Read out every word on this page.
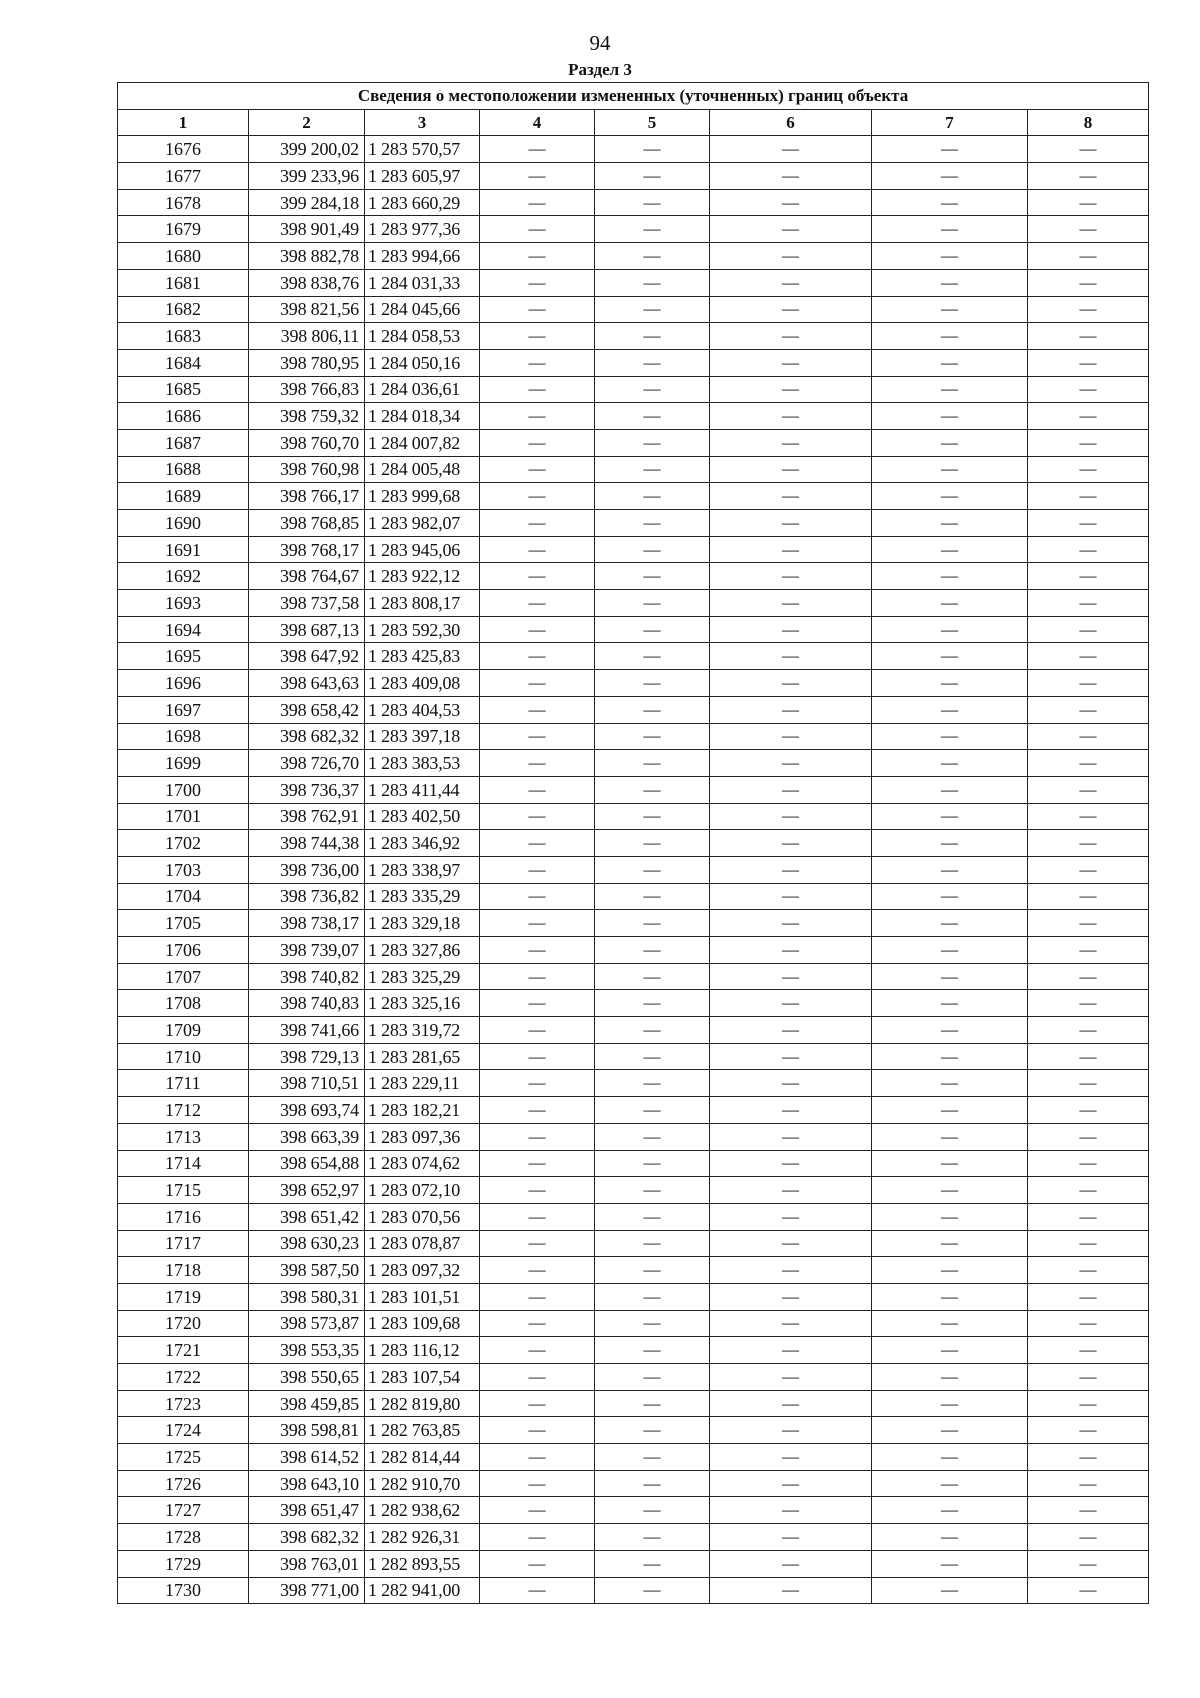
94
Раздел 3
Сведения о местоположении измененных (уточненных) границ объекта							
1	2	3	4	5	6	7	8
1676	399 200,02	1 283 570,57	—	—	—	—	—
1677	399 233,96	1 283 605,97	—	—	—	—	—
1678	399 284,18	1 283 660,29	—	—	—	—	—
1679	398 901,49	1 283 977,36	—	—	—	—	—
1680	398 882,78	1 283 994,66	—	—	—	—	—
1681	398 838,76	1 284 031,33	—	—	—	—	—
1682	398 821,56	1 284 045,66	—	—	—	—	—
1683	398 806,11	1 284 058,53	—	—	—	—	—
1684	398 780,95	1 284 050,16	—	—	—	—	—
1685	398 766,83	1 284 036,61	—	—	—	—	—
1686	398 759,32	1 284 018,34	—	—	—	—	—
1687	398 760,70	1 284 007,82	—	—	—	—	—
1688	398 760,98	1 284 005,48	—	—	—	—	—
1689	398 766,17	1 283 999,68	—	—	—	—	—
1690	398 768,85	1 283 982,07	—	—	—	—	—
1691	398 768,17	1 283 945,06	—	—	—	—	—
1692	398 764,67	1 283 922,12	—	—	—	—	—
1693	398 737,58	1 283 808,17	—	—	—	—	—
1694	398 687,13	1 283 592,30	—	—	—	—	—
1695	398 647,92	1 283 425,83	—	—	—	—	—
1696	398 643,63	1 283 409,08	—	—	—	—	—
1697	398 658,42	1 283 404,53	—	—	—	—	—
1698	398 682,32	1 283 397,18	—	—	—	—	—
1699	398 726,70	1 283 383,53	—	—	—	—	—
1700	398 736,37	1 283 411,44	—	—	—	—	—
1701	398 762,91	1 283 402,50	—	—	—	—	—
1702	398 744,38	1 283 346,92	—	—	—	—	—
1703	398 736,00	1 283 338,97	—	—	—	—	—
1704	398 736,82	1 283 335,29	—	—	—	—	—
1705	398 738,17	1 283 329,18	—	—	—	—	—
1706	398 739,07	1 283 327,86	—	—	—	—	—
1707	398 740,82	1 283 325,29	—	—	—	—	—
1708	398 740,83	1 283 325,16	—	—	—	—	—
1709	398 741,66	1 283 319,72	—	—	—	—	—
1710	398 729,13	1 283 281,65	—	—	—	—	—
1711	398 710,51	1 283 229,11	—	—	—	—	—
1712	398 693,74	1 283 182,21	—	—	—	—	—
1713	398 663,39	1 283 097,36	—	—	—	—	—
1714	398 654,88	1 283 074,62	—	—	—	—	—
1715	398 652,97	1 283 072,10	—	—	—	—	—
1716	398 651,42	1 283 070,56	—	—	—	—	—
1717	398 630,23	1 283 078,87	—	—	—	—	—
1718	398 587,50	1 283 097,32	—	—	—	—	—
1719	398 580,31	1 283 101,51	—	—	—	—	—
1720	398 573,87	1 283 109,68	—	—	—	—	—
1721	398 553,35	1 283 116,12	—	—	—	—	—
1722	398 550,65	1 283 107,54	—	—	—	—	—
1723	398 459,85	1 282 819,80	—	—	—	—	—
1724	398 598,81	1 282 763,85	—	—	—	—	—
1725	398 614,52	1 282 814,44	—	—	—	—	—
1726	398 643,10	1 282 910,70	—	—	—	—	—
1727	398 651,47	1 282 938,62	—	—	—	—	—
1728	398 682,32	1 282 926,31	—	—	—	—	—
1729	398 763,01	1 282 893,55	—	—	—	—	—
1730	398 771,00	1 282 941,00	—	—	—	—	—
